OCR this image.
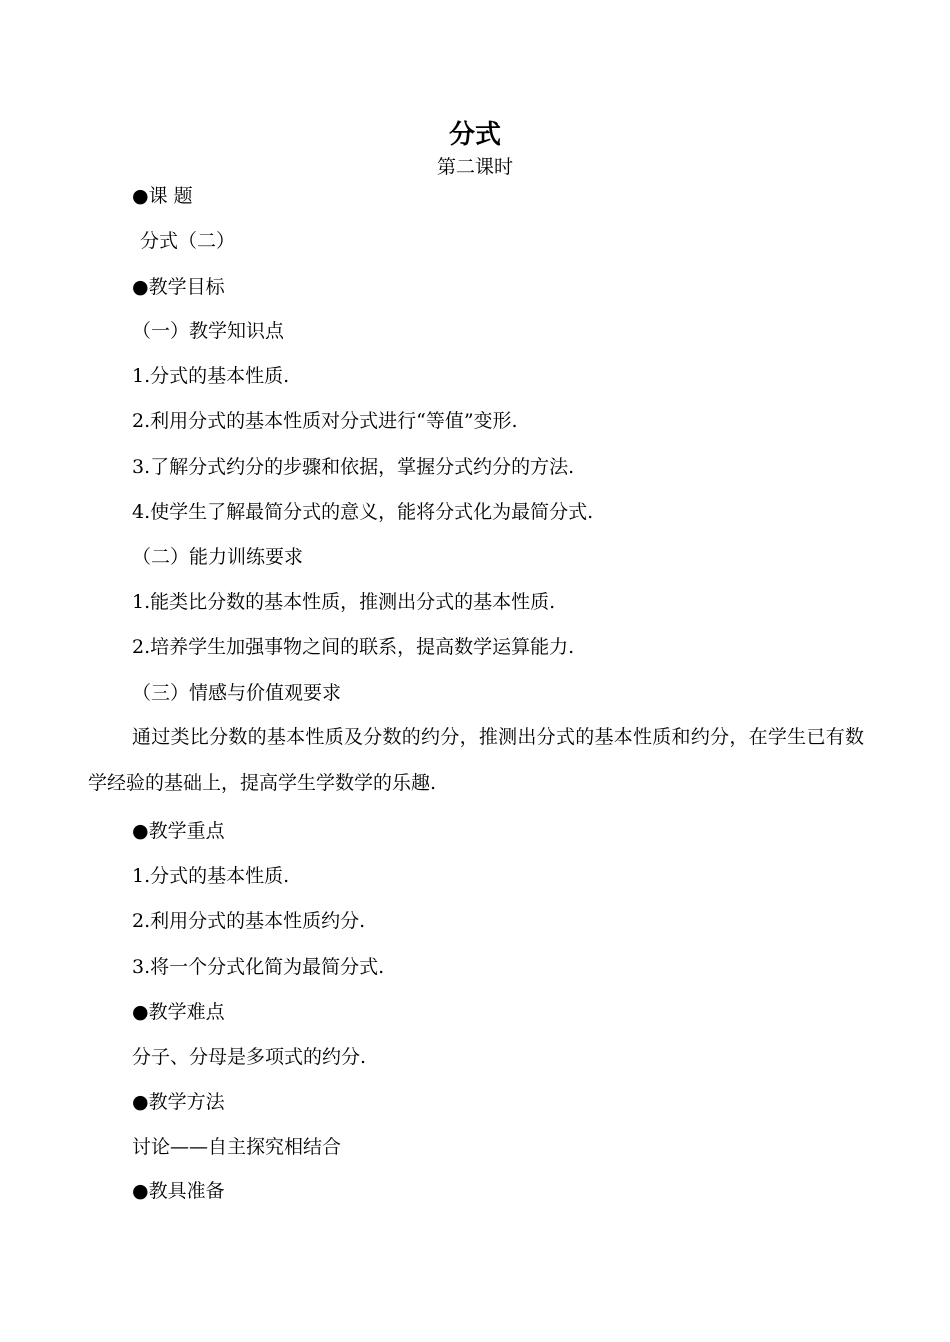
分式
第二课时
●课 题
分式（二）
●教学目标
（一）教学知识点
1.分式的基本性质.
2.利用分式的基本性质对分式进行“等值”变形.
3.了解分式约分的步骤和依据，掌握分式约分的方法.
4.使学生了解最简分式的意义，能将分式化为最简分式.
（二）能力训练要求
1.能类比分数的基本性质，推测出分式的基本性质.
2.培养学生加强事物之间的联系，提高数学运算能力.
（三）情感与价值观要求
通过类比分数的基本性质及分数的约分，推测出分式的基本性质和约分，在学生已有数学经验的基础上，提高学生学数学的乐趣.
●教学重点
1.分式的基本性质.
2.利用分式的基本性质约分.
3.将一个分式化简为最简分式.
●教学难点
分子、分母是多项式的约分.
●教学方法
讨论——自主探究相结合
●教具准备
